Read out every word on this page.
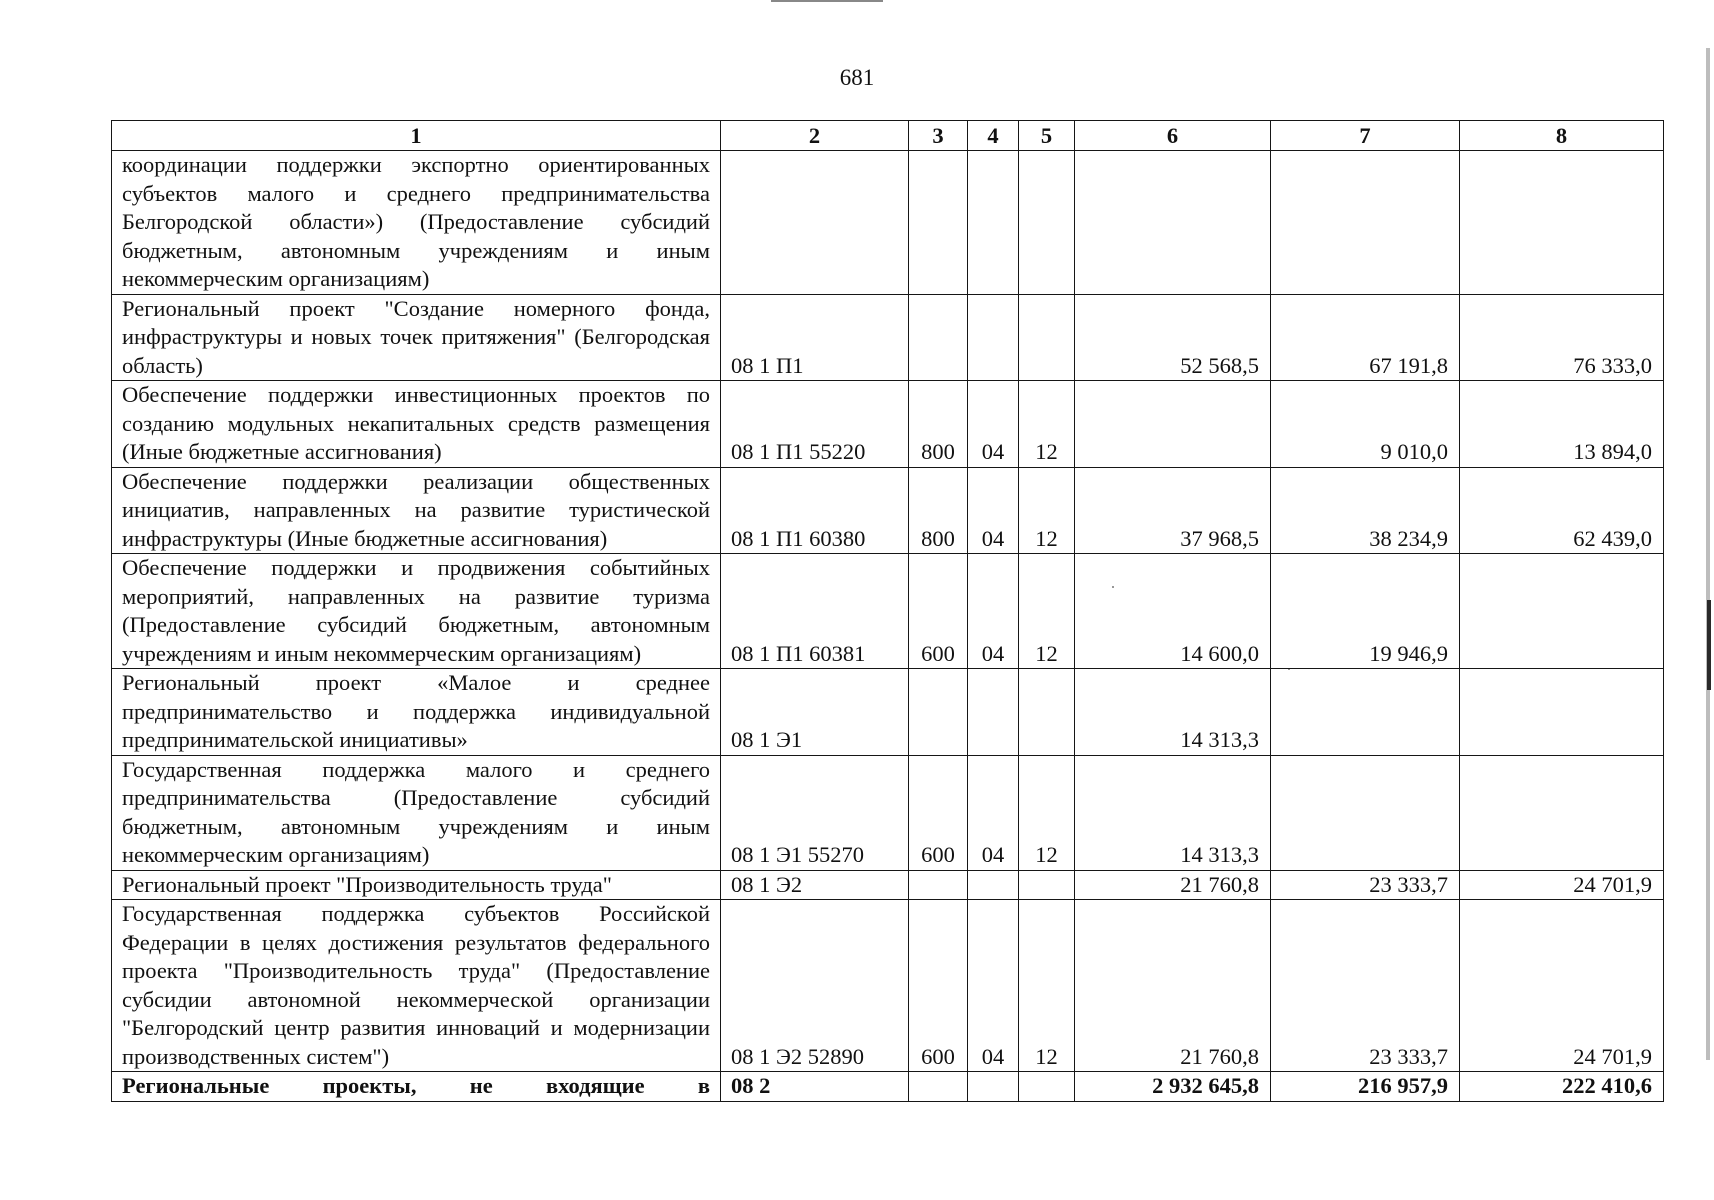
681
1	2	3	4	5	6	7	8
координации поддержки экспортно ориентированных субъектов малого и среднего предпринимательства Белгородской области») (Предоставление субсидий бюджетным, автономным учреждениям и иным некоммерческим организациям)							
Региональный проект "Создание номерного фонда, инфраструктуры и новых точек притяжения" (Белгородская область)	08 1 П1				52 568,5	67 191,8	76 333,0
Обеспечение поддержки инвестиционных проектов по созданию модульных некапитальных средств размещения (Иные бюджетные ассигнования)	08 1 П1 55220	800	04	12		9 010,0	13 894,0
Обеспечение поддержки реализации общественных инициатив, направленных на развитие туристической инфраструктуры (Иные бюджетные ассигнования)	08 1 П1 60380	800	04	12	37 968,5	38 234,9	62 439,0
Обеспечение поддержки и продвижения событийных мероприятий, направленных на развитие туризма (Предоставление субсидий бюджетным, автономным учреждениям и иным некоммерческим организациям)	08 1 П1 60381	600	04	12	14 600,0	19 946,9	
Региональный проект «Малое и среднее предпринимательство и поддержка индивидуальной предпринимательской инициативы»	08 1 Э1				14 313,3		
Государственная поддержка малого и среднего предпринимательства (Предоставление субсидий бюджетным, автономным учреждениям и иным некоммерческим организациям)	08 1 Э1 55270	600	04	12	14 313,3		
Региональный проект "Производительность труда"	08 1 Э2				21 760,8	23 333,7	24 701,9
Государственная поддержка субъектов Российской Федерации в целях достижения результатов федерального проекта "Производительность труда" (Предоставление субсидии автономной некоммерческой организации "Белгородский центр развития инноваций и модернизации производственных систем")	08 1 Э2 52890	600	04	12	21 760,8	23 333,7	24 701,9
Региональные проекты, не входящие в	08 2				2 932 645,8	216 957,9	222 410,6
